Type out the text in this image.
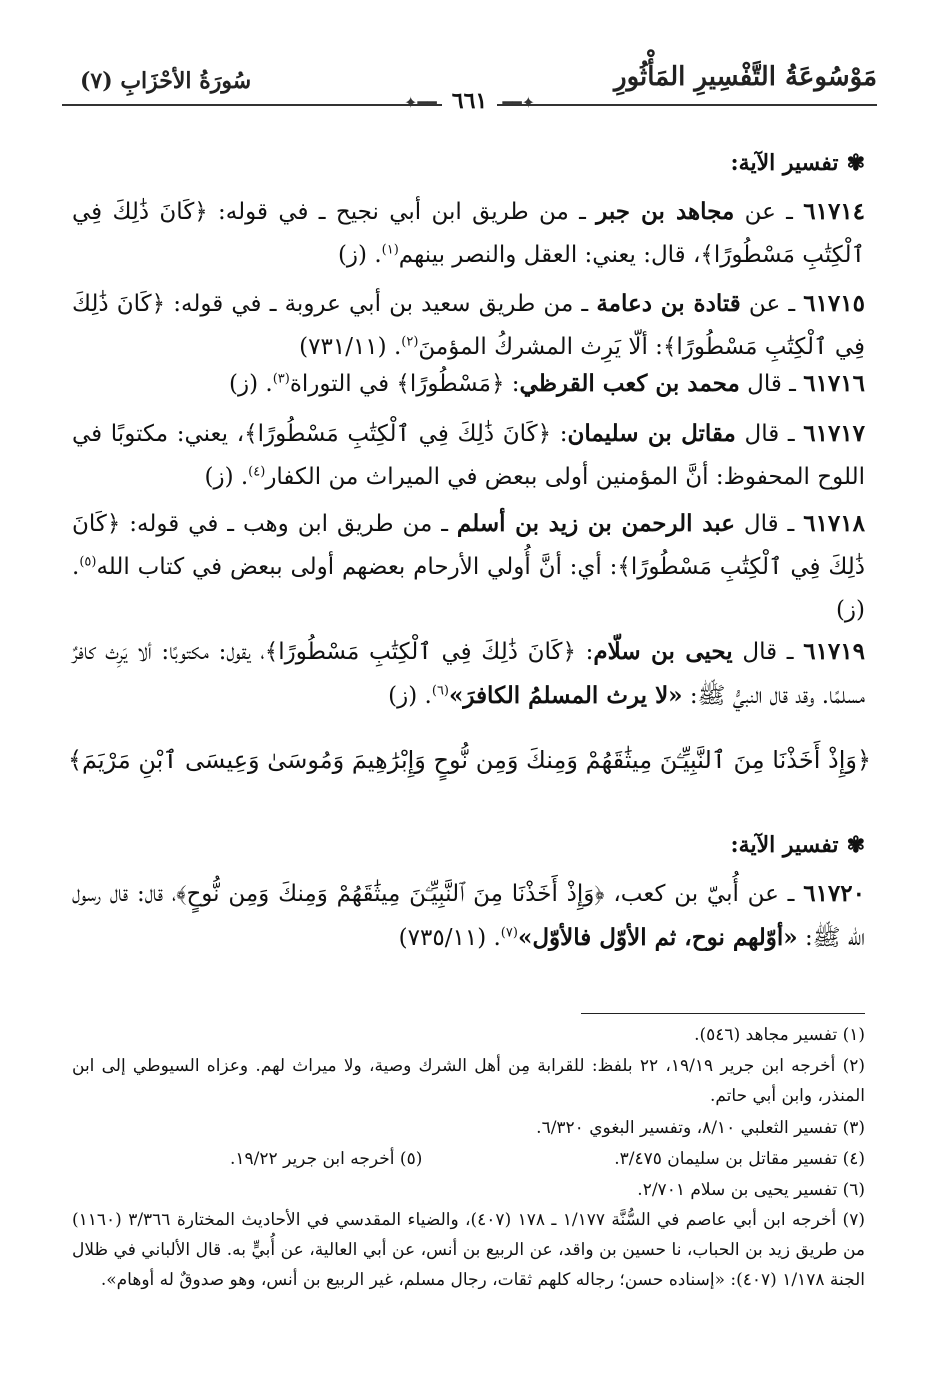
مَوْسُوعَةُ التَّفْسِيرِ المَأْثُورِ
سُورَةُ الأحْزَابِ (٧)
✦━━ ٦٦١ ━━✦
✾تفسير الآية:
٦١٧١٤ ـ عن مجاهد بن جبر ـ من طريق ابن أبي نجيح ـ في قوله: ﴿كَانَ ذَٰلِكَ فِي ٱلْكِتَٰبِ مَسْطُورًا﴾، قال: يعني: العقل والنصر بينهم$^{(١)}$. (ز)
٦١٧١٥ ـ عن قتادة بن دعامة ـ من طريق سعيد بن أبي عروبة ـ في قوله: ﴿كَانَ ذَٰلِكَ فِي ٱلْكِتَٰبِ مَسْطُورًا﴾: ألّا يَرِث المشركُ المؤمنَ$^{(٢)}$. (٧٣١/١١)
٦١٧١٦ ـ قال محمد بن كعب القرظي: ﴿مَسْطُورًا﴾ في التوراة$^{(٣)}$. (ز)
٦١٧١٧ ـ قال مقاتل بن سليمان: ﴿كَانَ ذَٰلِكَ فِي ٱلْكِتَٰبِ مَسْطُورًا﴾، يعني: مكتوبًا في اللوح المحفوظ: أنَّ المؤمنين أولى ببعض في الميراث من الكفار$^{(٤)}$. (ز)
٦١٧١٨ ـ قال عبد الرحمن بن زيد بن أسلم ـ من طريق ابن وهب ـ في قوله: ﴿كَانَ ذَٰلِكَ فِي ٱلْكِتَٰبِ مَسْطُورًا﴾: أي: أنَّ أُولي الأرحام بعضهم أولى ببعض في كتاب الله$^{(٥)}$. (ز)
٦١٧١٩ ـ قال يحيى بن سلّام: ﴿كَانَ ذَٰلِكَ فِي ٱلْكِتَٰبِ مَسْطُورًا﴾، يقول: مكتوبًا: ألا يَرِث كافرٌ مسلمًا. وقد قال النبيُّ ﷺ: «لا يرث المسلمُ الكافرَ»$^{(٦)}$. (ز)
﴿وَإِذْ أَخَذْنَا مِنَ ٱلنَّبِيِّـۧنَ مِيثَٰقَهُمْ وَمِنكَ وَمِن نُّوحٍ وَإِبْرَٰهِيمَ وَمُوسَىٰ وَعِيسَى ٱبْنِ مَرْيَمَ﴾
✾تفسير الآية:
٦١٧٢٠ ـ عن أُبيّ بن كعب، ﴿وَإِذْ أَخَذْنَا مِنَ ٱلنَّبِيِّـۧنَ مِيثَٰقَهُمْ وَمِنكَ وَمِن نُّوحٍ﴾، قال: قال رسول الله ﷺ: «أوّلهم نوح، ثم الأوّل فالأوّل»$^{(٧)}$. (٧٣٥/١١)
(١) تفسير مجاهد (٥٤٦).
(٢) أخرجه ابن جرير ١٩/١٩، ٢٢ بلفظ: للقرابة مِن أهل الشرك وصية، ولا ميراث لهم. وعزاه السيوطي إلى ابن المنذر، وابن أبي حاتم.
(٣) تفسير الثعلبي ٨/١٠، وتفسير البغوي ٦/٣٢٠.
(٤) تفسير مقاتل بن سليمان ٣/٤٧٥.
(٥) أخرجه ابن جرير ١٩/٢٢.
(٦) تفسير يحيى بن سلام ٢/٧٠١.
(٧) أخرجه ابن أبي عاصم في السُّنَّة ١/١٧٧ ـ ١٧٨ (٤٠٧)، والضياء المقدسي في الأحاديث المختارة ٣/٣٦٦ (١١٦٠) من طريق زيد بن الحباب، نا حسين بن واقد، عن الربيع بن أنس، عن أبي العالية، عن أُبيٍّ به. قال الألباني في ظلال الجنة ١/١٧٨ (٤٠٧): «إسناده حسن؛ رجاله كلهم ثقات، رجال مسلم، غير الربيع بن أنس، وهو صدوقٌ له أوهام».
